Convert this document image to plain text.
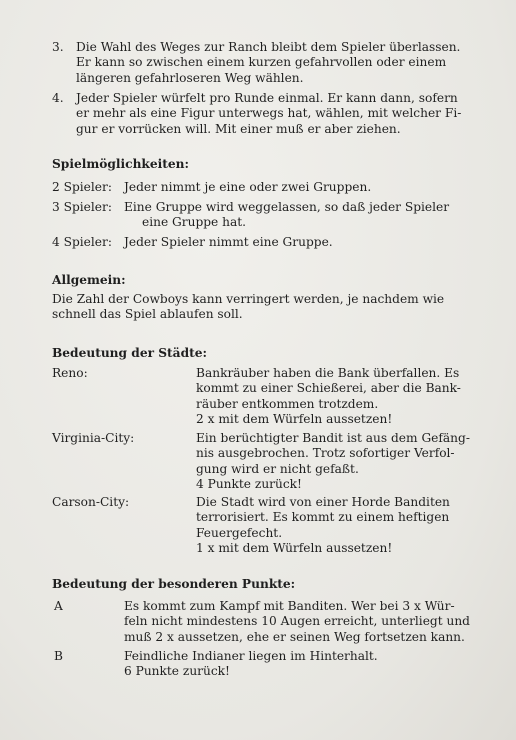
3. Die Wahl des Weges zur Ranch bleibt dem Spieler überlassen.
Er kann so zwischen einem kurzen gefahrvollen oder einem
längeren gefahrloseren Weg wählen.
4. Jeder Spieler würfelt pro Runde einmal. Er kann dann, sofern
er mehr als eine Figur unterwegs hat, wählen, mit welcher Fi-
gur er vorrücken will. Mit einer muß er aber ziehen.
Spielmöglichkeiten:
2 Spieler: Jeder nimmt je eine oder zwei Gruppen.
3 Spieler: Eine Gruppe wird weggelassen, so daß jeder Spieler
eine Gruppe hat.
4 Spieler: Jeder Spieler nimmt eine Gruppe.
Allgemein:
Die Zahl der Cowboys kann verringert werden, je nachdem wie
schnell das Spiel ablaufen soll.
Bedeutung der Städte:
Reno:	Bankräuber haben die Bank überfallen. Es
kommt zu einer Schießerei, aber die Bank-
räuber entkommen trotzdem.
2 x mit dem Würfeln aussetzen!
Virginia-City:	Ein berüchtigter Bandit ist aus dem Gefäng-
nis ausgebrochen. Trotz sofortiger Verfol-
gung wird er nicht gefaßt.
4 Punkte zurück!
Carson-City:	Die Stadt wird von einer Horde Banditen
terrorisiert. Es kommt zu einem heftigen
Feuergefecht.
1 x mit dem Würfeln aussetzen!
Bedeutung der besonderen Punkte:
A	Es kommt zum Kampf mit Banditen. Wer bei 3 x Wür-
feln nicht mindestens 10 Augen erreicht, unterliegt und
muß 2 x aussetzen, ehe er seinen Weg fortsetzen kann.
B	Feindliche Indianer liegen im Hinterhalt.
6 Punkte zurück!
